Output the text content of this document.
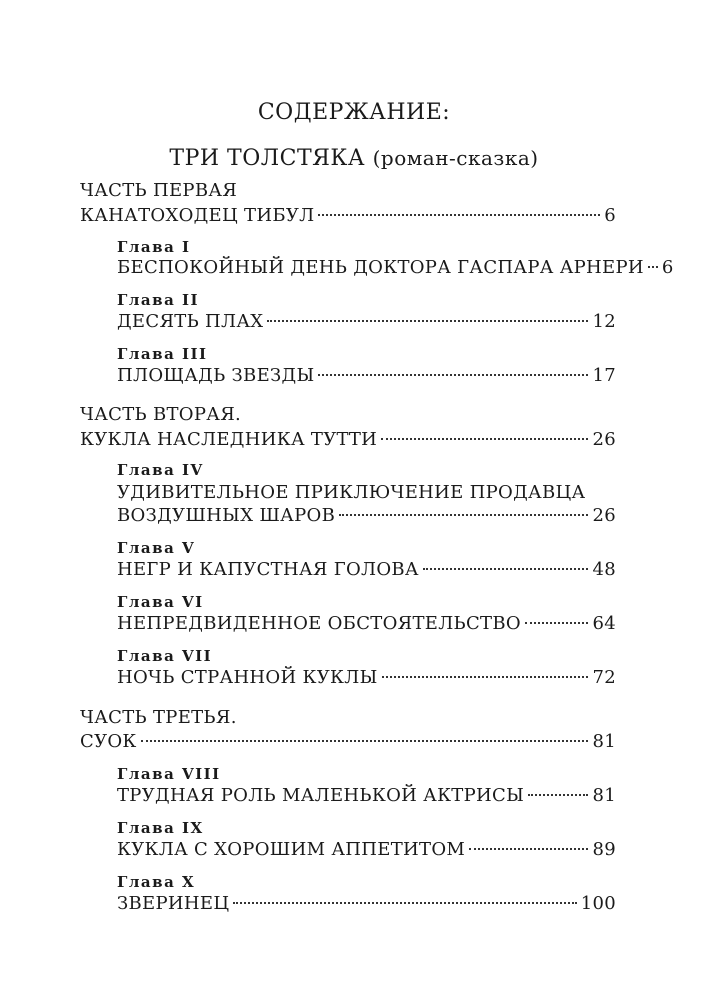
СОДЕРЖАНИЕ:
ТРИ ТОЛСТЯКА (роман-сказка)
ЧАСТЬ ПЕРВАЯ
КАНАТОХОДЕЦ ТИБУЛ	6
Глава I
БЕСПОКОЙНЫЙ ДЕНЬ ДОКТОРА ГАСПАРА АРНЕРИ 6
Глава II
ДЕСЯТЬ ПЛАХ	12
Глава III
ПЛОЩАДЬ ЗВЕЗДЫ	17
ЧАСТЬ ВТОРАЯ.
КУКЛА НАСЛЕДНИКА ТУТТИ	26
Глава IV
УДИВИТЕЛЬНОЕ ПРИКЛЮЧЕНИЕ ПРОДАВЦА
ВОЗДУШНЫХ ШАРОВ	26
Глава V
НЕГР И КАПУСТНАЯ ГОЛОВА	48
Глава VI
НЕПРЕДВИДЕННОЕ ОБСТОЯТЕЛЬСТВО	64
Глава VII
НОЧЬ СТРАННОЙ КУКЛЫ	72
ЧАСТЬ ТРЕТЬЯ.
СУОК	81
Глава VIII
ТРУДНАЯ РОЛЬ МАЛЕНЬКОЙ АКТРИСЫ	81
Глава IX
КУКЛА С ХОРОШИМ АППЕТИТОМ	89
Глава X
ЗВЕРИНЕЦ	100
